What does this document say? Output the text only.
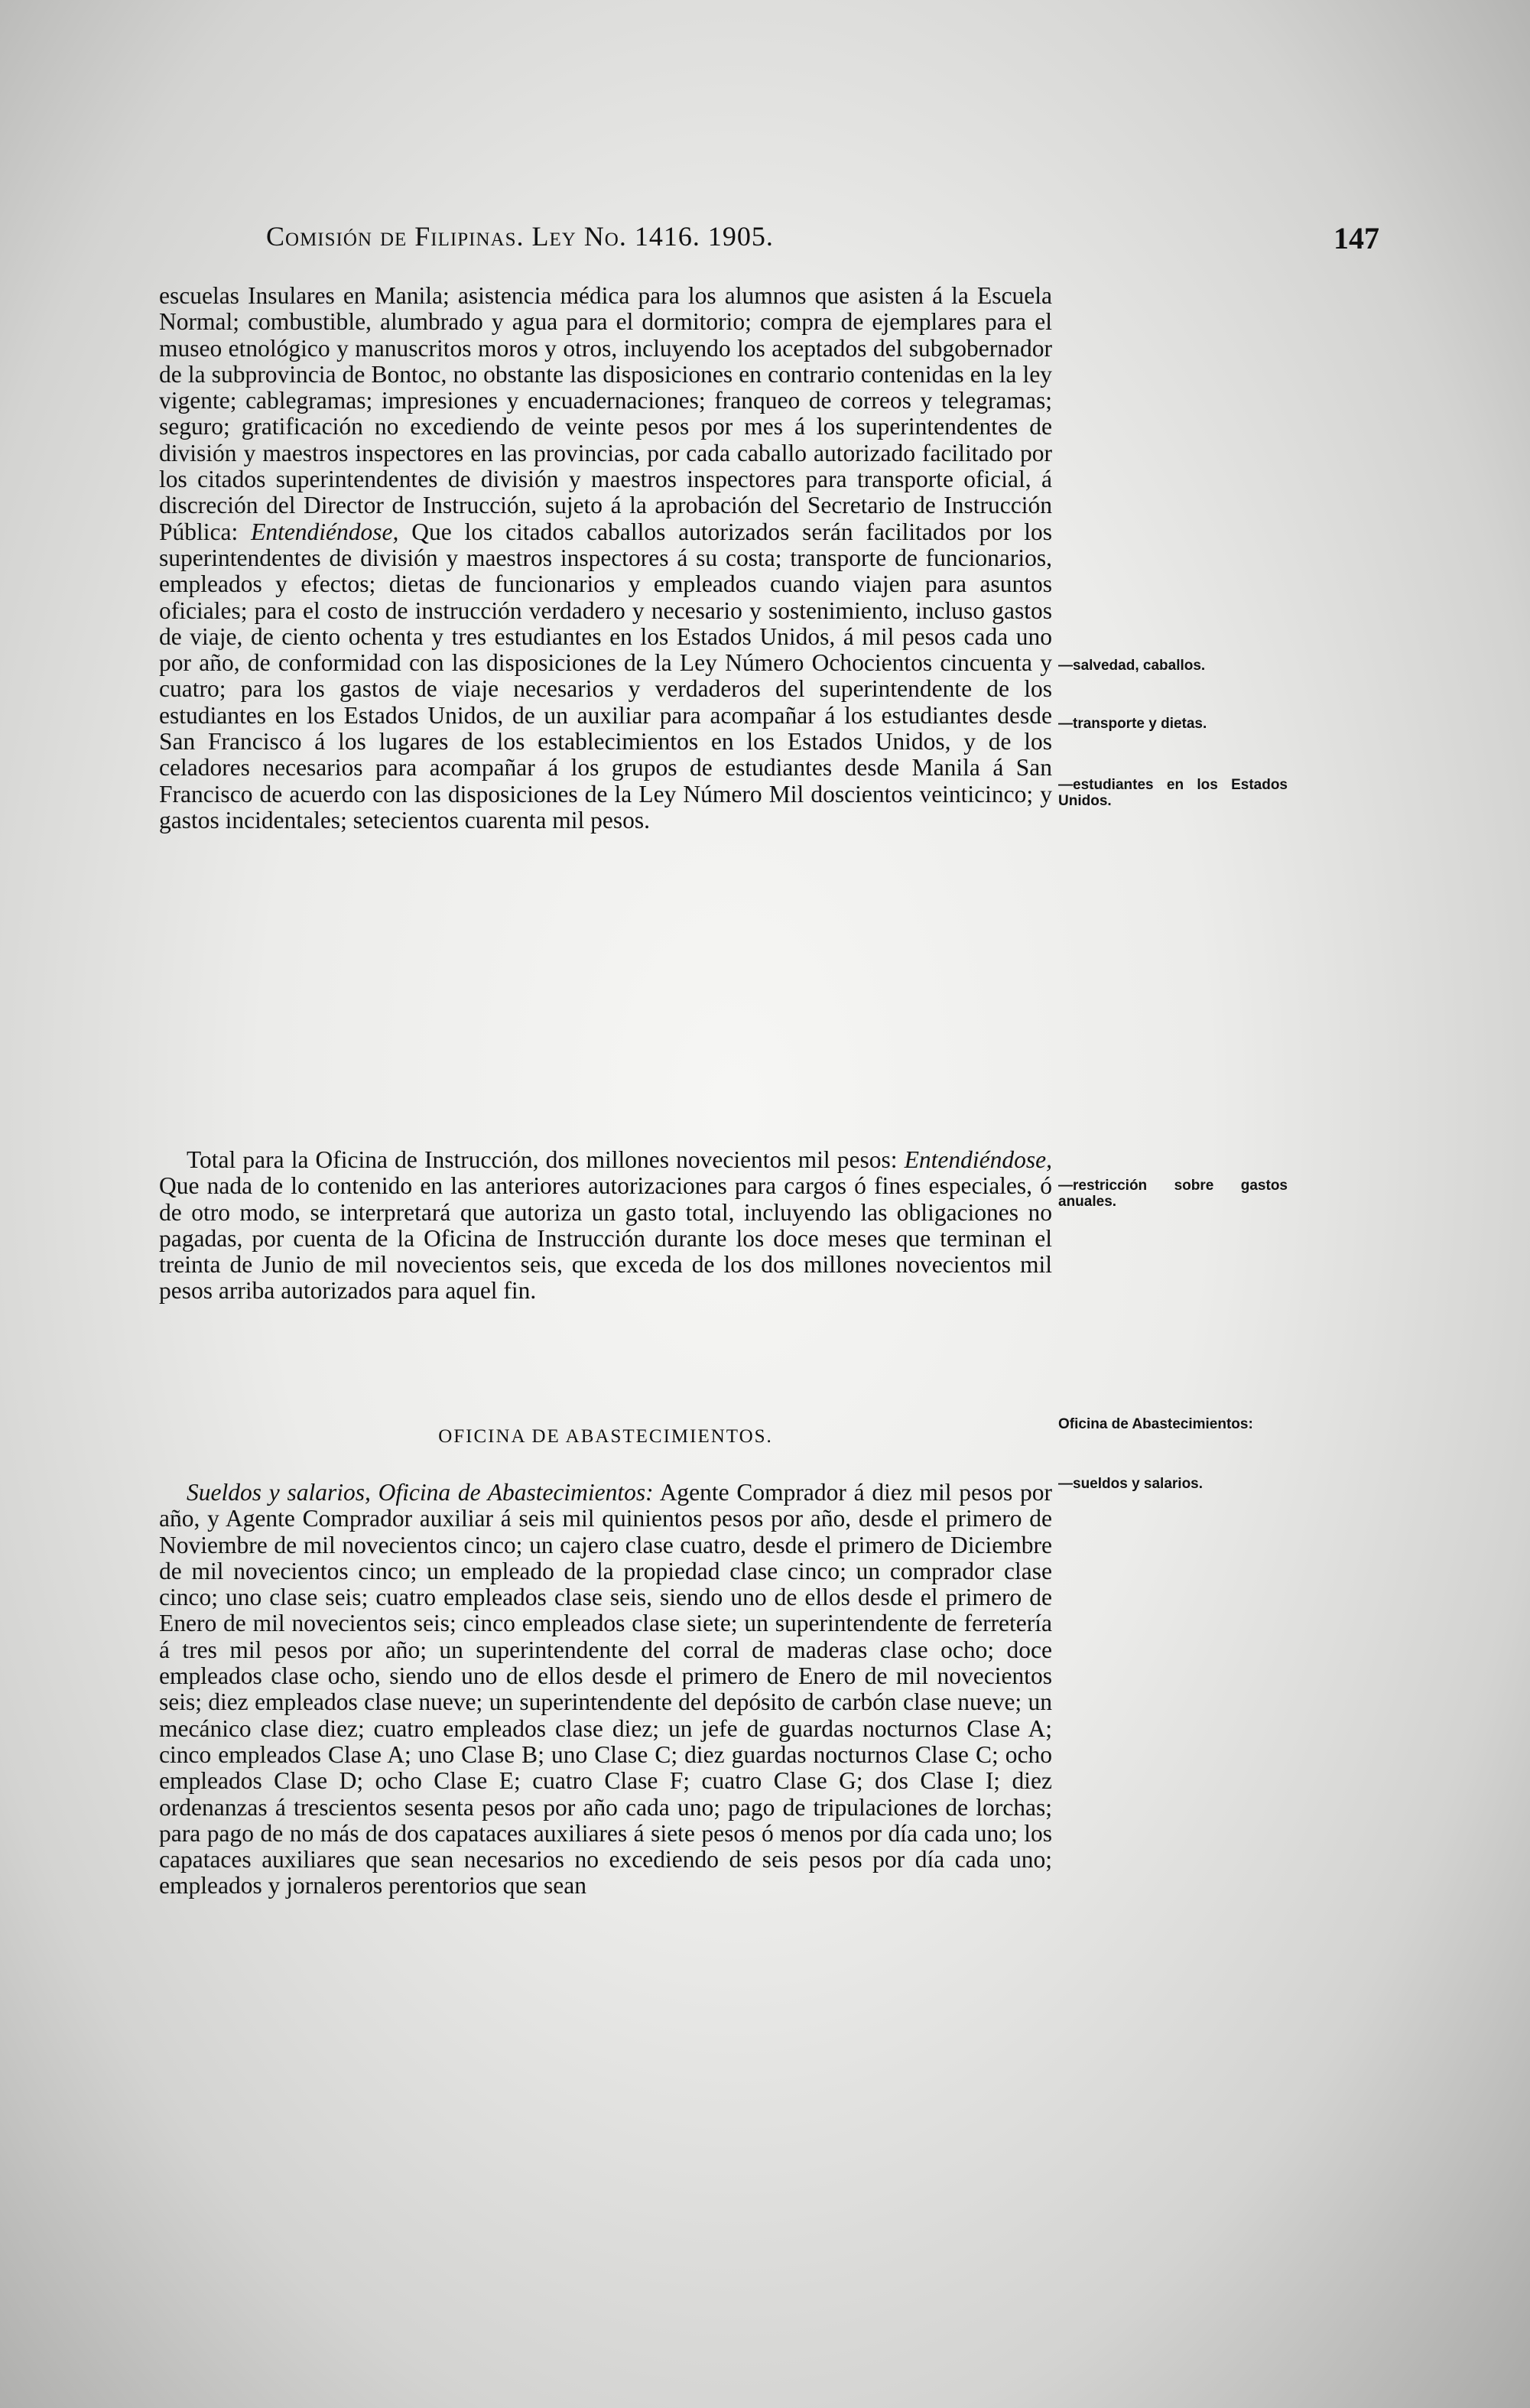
Comisión de Filipinas. Ley No. 1416. 1905.	147

escuelas Insulares en Manila; asistencia médica para los alumnos que asisten á la Escuela Normal; combustible, alumbrado y agua para el dormitorio; compra de ejemplares para el museo etnológico y manuscritos moros y otros, incluyendo los aceptados del subgobernador de la subprovincia de Bontoc, no obstante las disposiciones en contrario contenidas en la ley vigente; cablegramas; impresiones y encuadernaciones; franqueo de correos y telegramas; seguro; gratificación no excediendo de veinte pesos por mes á los superintendentes de división y maestros inspectores en las provincias, por cada caballo autorizado facilitado por los citados superintendentes de división y maestros inspectores para transporte oficial, á discreción del Director de Instrucción, sujeto á la aprobación del Secretario de Instrucción Pública: Entendiéndose, Que los citados caballos autorizados serán facilitados por los superintendentes de división y maestros inspectores á su costa; transporte de funcionarios, empleados y efectos; dietas de funcionarios y empleados cuando viajen para asuntos oficiales; para el costo de instrucción verdadero y necesario y sostenimiento, incluso gastos de viaje, de ciento ochenta y tres estudiantes en los Estados Unidos, á mil pesos cada uno por año, de conformidad con las disposiciones de la Ley Número Ochocientos cincuenta y cuatro; para los gastos de viaje necesarios y verdaderos del superintendente de los estudiantes en los Estados Unidos, de un auxiliar para acompañar á los estudiantes desde San Francisco á los lugares de los establecimientos en los Estados Unidos, y de los celadores necesarios para acompañar á los grupos de estudiantes desde Manila á San Francisco de acuerdo con las disposiciones de la Ley Número Mil doscientos veinticinco; y gastos incidentales; setecientos cuarenta mil pesos.

Total para la Oficina de Instrucción, dos millones novecientos mil pesos: Entendiéndose, Que nada de lo contenido en las anteriores autorizaciones para cargos ó fines especiales, ó de otro modo, se interpretará que autoriza un gasto total, incluyendo las obligaciones no pagadas, por cuenta de la Oficina de Instrucción durante los doce meses que terminan el treinta de Junio de mil novecientos seis, que exceda de los dos millones novecientos mil pesos arriba autorizados para aquel fin.

OFICINA DE ABASTECIMIENTOS.

Sueldos y salarios, Oficina de Abastecimientos: Agente Comprador á diez mil pesos por año, y Agente Comprador auxiliar á seis mil quinientos pesos por año, desde el primero de Noviembre de mil novecientos cinco; un cajero clase cuatro, desde el primero de Diciembre de mil novecientos cinco; un empleado de la propiedad clase cinco; un comprador clase cinco; uno clase seis; cuatro empleados clase seis, siendo uno de ellos desde el primero de Enero de mil novecientos seis; cinco empleados clase siete; un superintendente de ferretería á tres mil pesos por año; un superintendente del corral de maderas clase ocho; doce empleados clase ocho, siendo uno de ellos desde el primero de Enero de mil novecientos seis; diez empleados clase nueve; un superintendente del depósito de carbón clase nueve; un mecánico clase diez; cuatro empleados clase diez; un jefe de guardas nocturnos Clase A; cinco empleados Clase A; uno Clase B; uno Clase C; diez guardas nocturnos Clase C; ocho empleados Clase D; ocho Clase E; cuatro Clase F; cuatro Clase G; dos Clase I; diez ordenanzas á trescientos sesenta pesos por año cada uno; pago de tripulaciones de lorchas; para pago de no más de dos capataces auxiliares á siete pesos ó menos por día cada uno; los capataces auxiliares que sean necesarios no excediendo de seis pesos por día cada uno; empleados y jornaleros perentorios que sean

—salvedad, caballos.
—transporte y dietas.
—estudiantes en los Estados Unidos.
—restricción sobre gastos anuales.
Oficina de Abastecimientos:
—sueldos y salarios.
